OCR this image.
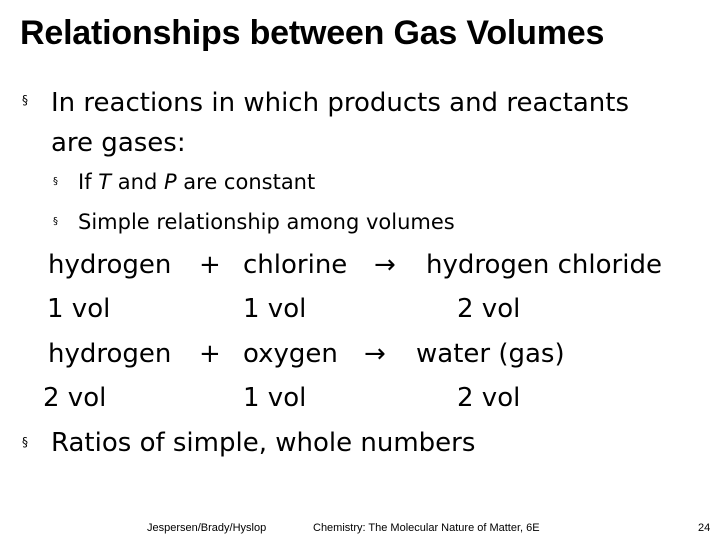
Relationships between Gas Volumes
§ In reactions in which products and reactants
are gases:
§ If T and P are constant
§ Simple relationship among volumes
hydrogen + chlorine → hydrogen chloride
1 vol	1 vol	2 vol
hydrogen + oxygen → water (gas)
2 vol	1 vol	2 vol
§ Ratios of simple, whole numbers
Jespersen/Brady/Hyslop	Chemistry: The Molecular Nature of Matter, 6E	24
